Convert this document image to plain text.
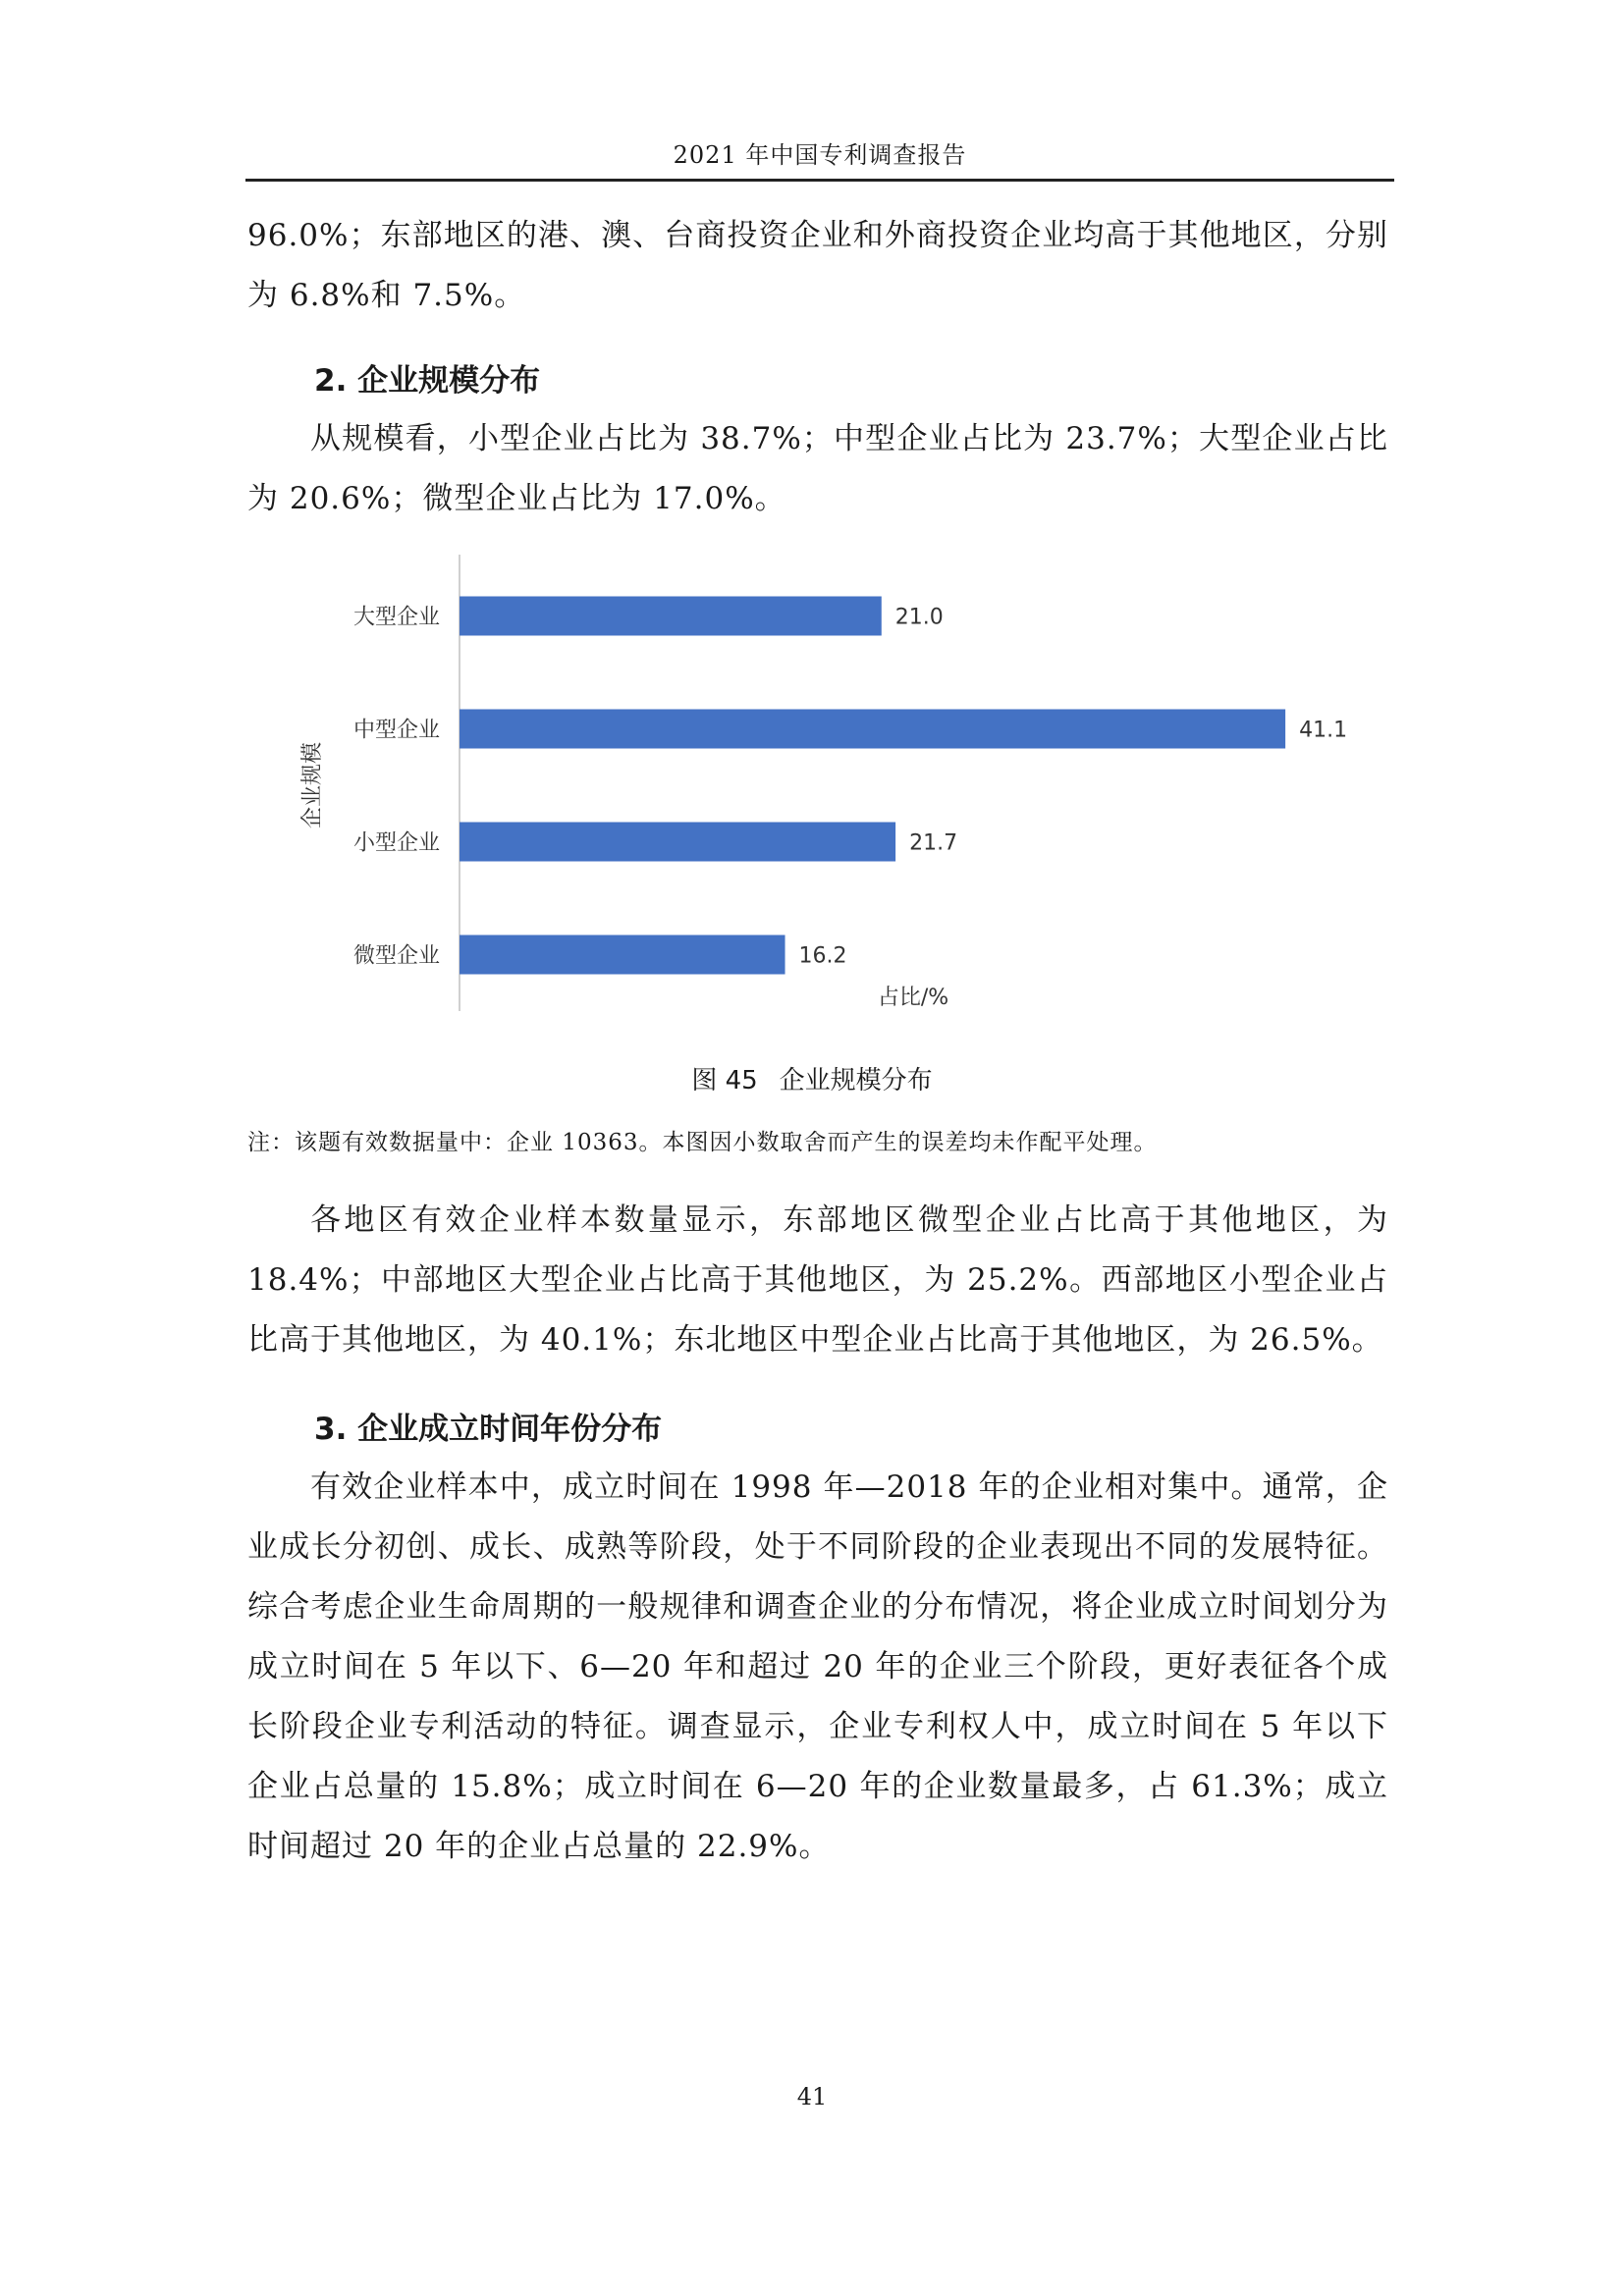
2021 年中国专利调查报告

96.0%；东部地区的港、澳、台商投资企业和外商投资企业均高于其他地区，分别为 6.8%和 7.5%。

2. 企业规模分布

从规模看，小型企业占比为 38.7%；中型企业占比为 23.7%；大型企业占比为 20.6%；微型企业占比为 17.0%。

大型企业	21.0
中型企业	41.1
小型企业	21.7
微型企业	16.2
企业规模
占比/%
图 45 企业规模分布
注：该题有效数据量中：企业 10363。本图因小数取舍而产生的误差均未作配平处理。

各地区有效企业样本数量显示，东部地区微型企业占比高于其他地区，为 18.4%；中部地区大型企业占比高于其他地区，为 25.2%。西部地区小型企业占比高于其他地区，为 40.1%；东北地区中型企业占比高于其他地区，为 26.5%。

3. 企业成立时间年份分布

有效企业样本中，成立时间在 1998 年—2018 年的企业相对集中。通常，企业成长分初创、成长、成熟等阶段，处于不同阶段的企业表现出不同的发展特征。综合考虑企业生命周期的一般规律和调查企业的分布情况，将企业成立时间划分为成立时间在 5 年以下、6—20 年和超过 20 年的企业三个阶段，更好表征各个成长阶段企业专利活动的特征。调查显示，企业专利权人中，成立时间在 5 年以下企业占总量的 15.8%；成立时间在 6—20 年的企业数量最多，占 61.3%；成立时间超过 20 年的企业占总量的 22.9%。

41
